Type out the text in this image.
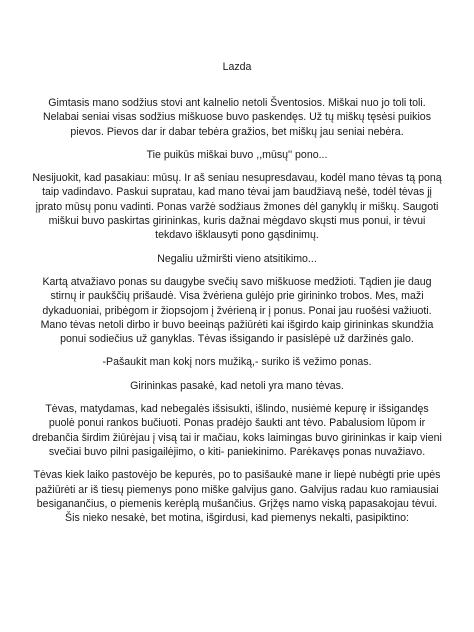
Lazda

Gimtasis mano sodžius stovi ant kalnelio netoli Šventosios. Miškai nuo jo toli toli. Nelabai seniai visas sodžius miškuose buvo paskendęs. Už tų miškų tęsėsi puikios pievos. Pievos dar ir dabar tebėra gražios, bet miškų jau seniai nebėra.

Tie puikūs miškai buvo ,,mūsų'' pono...

Nesijuokit, kad pasakiau: mūsų. Ir aš seniau nesupresdavau, kodėl mano tėvas tą poną taip vadindavo. Paskui supratau, kad mano tėvai jam baudžiavą nešė, todėl tėvas jį įprato mūsų ponu vadinti. Ponas varžė sodžiaus žmones dėl ganyklų ir miškų. Saugoti miškui buvo paskirtas girininkas, kuris dažnai mėgdavo skųsti mus ponui, ir tėvui tekdavo išklausyti pono gąsdinimų.

Negaliu užmiršti vieno atsitikimo...

Kartą atvažiavo ponas su daugybe svečių savo miškuose medžioti. Tądien jie daug stirnų ir paukščių prišaudė. Visa žvėriena gulėjo prie girininko trobos. Mes, maži dykaduoniai, pribėgom ir žiopsojom į žvėrieną ir į ponus. Ponai jau ruošėsi važiuoti. Mano tėvas netoli dirbo ir buvo beeinąs pažiūrėti kai išgirdo kaip girininkas skundžia ponui sodiečius už ganyklas. Tėvas išsigando ir pasislėpė už daržinės galo.

-Pašaukit man kokį nors mužiką,- suriko iš vežimo ponas.

Girininkas pasakė, kad netoli yra mano tėvas.

Tėvas, matydamas, kad nebegalės išsisukti, išlindo, nusiėmė kepurę ir išsigandęs puolė ponui rankos bučiuoti. Ponas pradėjo šaukti ant tėvo. Pabalusiom lūpom ir drebančia širdim žiūrėjau į visą tai ir mačiau, koks laimingas buvo girininkas ir kaip vieni svečiai buvo pilni pasigailėjimo, o kiti- paniekinimo. Parėkavęs ponas nuvažiavo.

Tėvas kiek laiko pastovėjo be kepurės, po to pasišaukė mane ir liepė nubėgti prie upės pažiūrėti ar iš tiesų piemenys pono miške galvijus gano. Galvijus radau kuo ramiausiai besiganančius, o piemenis kerėplą mušančius. Grįžęs namo viską papasakojau tėvui. Šis nieko nesakė, bet motina, išgirdusi, kad piemenys nekalti, pasipiktino:
